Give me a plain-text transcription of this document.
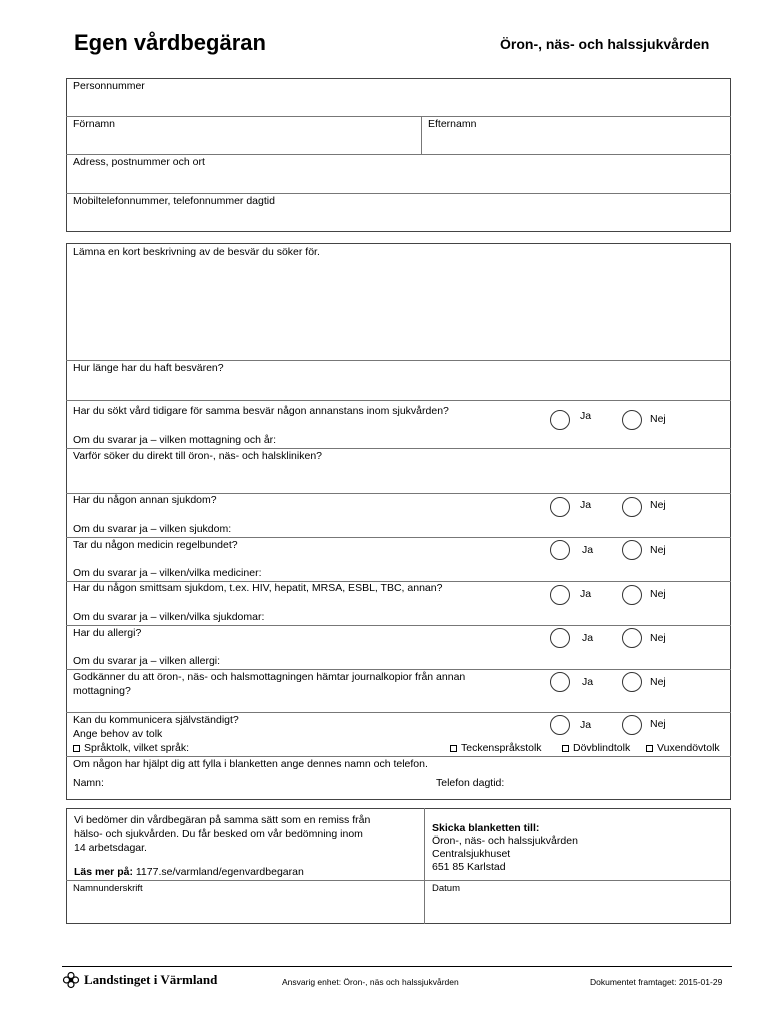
Egen vårdbegäran	Öron-, näs- och halssjukvården
Personnummer
Förnamn	Efternamn
Adress, postnummer och ort
Mobiltelefonnummer, telefonnummer dagtid
Lämna en kort beskrivning av de besvär du söker för.
Hur länge har du haft besvären?
Har du sökt vård tidigare för samma besvär någon annanstans inom sjukvården?
Om du svarar ja – vilken mottagning och år:
Ja	Nej
Varför söker du direkt till öron-, näs- och halskliniken?
Har du någon annan sjukdom?
Om du svarar ja – vilken sjukdom:
Ja	Nej
Tar du någon medicin regelbundet?
Om du svarar ja – vilken/vilka mediciner:
Ja	Nej
Har du någon smittsam sjukdom, t.ex. HIV, hepatit, MRSA, ESBL, TBC, annan?
Om du svarar ja – vilken/vilka sjukdomar:
Ja	Nej
Har du allergi?
Om du svarar ja – vilken allergi:
Ja	Nej
Godkänner du att öron-, näs- och halsmottagningen hämtar journalkopior från annan
mottagning?
Ja	Nej
Kan du kommunicera självständigt?
Ange behov av tolk
Ja	Nej
Språktolk, vilket språk:	Teckenspråkstolk	Dövblindtolk	Vuxendövtolk
Om någon har hjälpt dig att fylla i blanketten ange dennes namn och telefon.
Namn:	Telefon dagtid:
Vi bedömer din vårdbegäran på samma sätt som en remiss från
hälso- och sjukvården. Du får besked om vår bedömning inom
14 arbetsdagar.
Läs mer på: 1177.se/varmland/egenvardbegaran
Skicka blanketten till:
Öron-, näs- och halssjukvården
Centralsjukhuset
651 85 Karlstad
Namnunderskrift	Datum
Landstinget i Värmland	Ansvarig enhet: Öron-, näs och halssjukvården	Dokumentet framtaget: 2015-01-29
